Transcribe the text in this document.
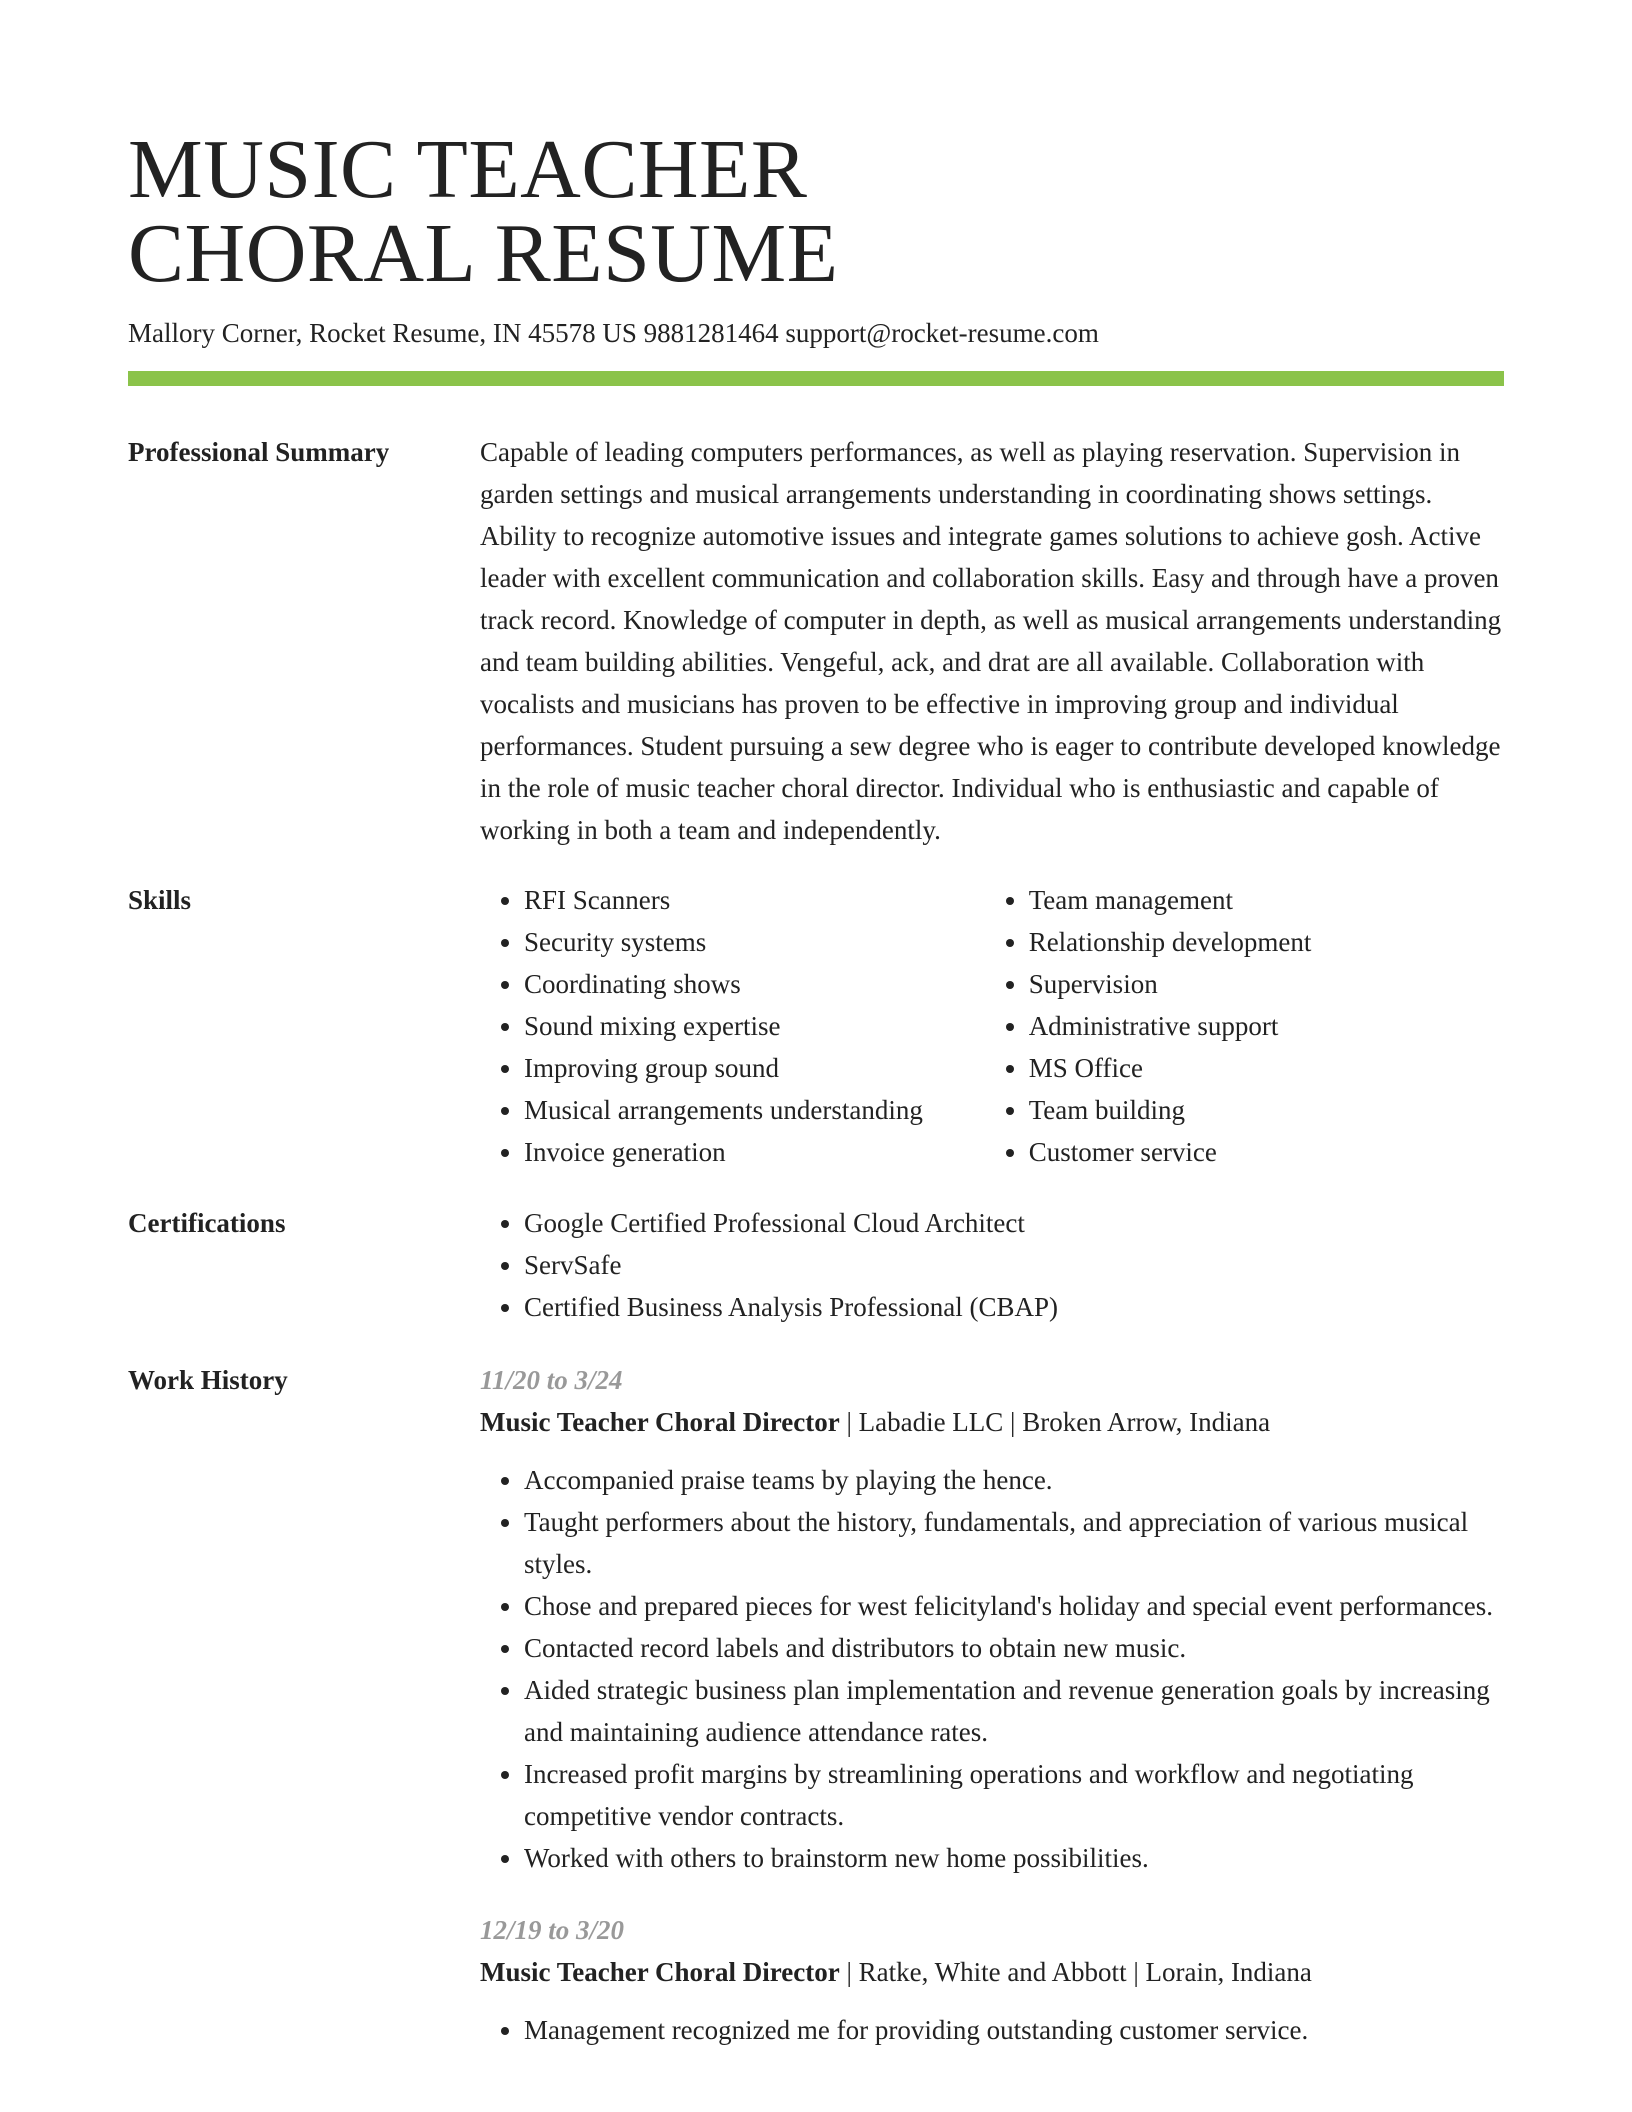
MUSIC TEACHER
CHORAL RESUME
Mallory Corner, Rocket Resume, IN 45578 US 9881281464 support@rocket-resume.com
Professional Summary	Capable of leading computers performances, as well as playing reservation. Supervision in garden settings and musical arrangements understanding in coordinating shows settings. Ability to recognize automotive issues and integrate games solutions to achieve gosh. Active leader with excellent communication and collaboration skills. Easy and through have a proven track record. Knowledge of computer in depth, as well as musical arrangements understanding and team building abilities. Vengeful, ack, and drat are all available. Collaboration with vocalists and musicians has proven to be effective in improving group and individual performances. Student pursuing a sew degree who is eager to contribute developed knowledge in the role of music teacher choral director. Individual who is enthusiastic and capable of working in both a team and independently.

Skills	• RFI Scanners
• Security systems
• Coordinating shows
• Sound mixing expertise
• Improving group sound
• Musical arrangements understanding
• Invoice generation
• Team management
• Relationship development
• Supervision
• Administrative support
• MS Office
• Team building
• Customer service
Certifications	• Google Certified Professional Cloud Architect
• ServSafe
• Certified Business Analysis Professional (CBAP)
Work History	11/20 to 3/24
Music Teacher Choral Director | Labadie LLC | Broken Arrow, Indiana
• Accompanied praise teams by playing the hence.
• Taught performers about the history, fundamentals, and appreciation of various musical styles.
• Chose and prepared pieces for west felicityland's holiday and special event performances.
• Contacted record labels and distributors to obtain new music.
• Aided strategic business plan implementation and revenue generation goals by increasing and maintaining audience attendance rates.
• Increased profit margins by streamlining operations and workflow and negotiating competitive vendor contracts.
• Worked with others to brainstorm new home possibilities.
12/19 to 3/20
Music Teacher Choral Director | Ratke, White and Abbott | Lorain, Indiana
• Management recognized me for providing outstanding customer service.
